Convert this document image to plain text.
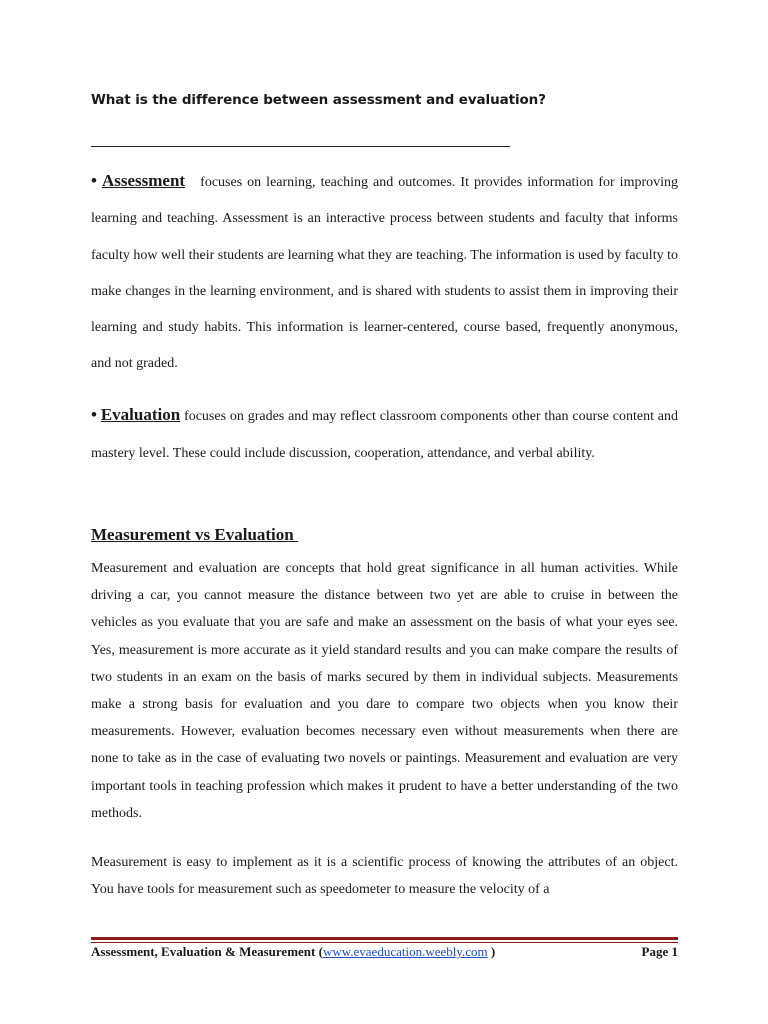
What is the difference between assessment and evaluation?

• Assessment focuses on learning, teaching and outcomes. It provides information for improving learning and teaching. Assessment is an interactive process between students and faculty that informs faculty how well their students are learning what they are teaching. The information is used by faculty to make changes in the learning environment, and is shared with students to assist them in improving their learning and study habits. This information is learner-centered, course based, frequently anonymous, and not graded.

• Evaluation focuses on grades and may reflect classroom components other than course content and mastery level. These could include discussion, cooperation, attendance, and verbal ability.

Measurement vs Evaluation

Measurement and evaluation are concepts that hold great significance in all human activities. While driving a car, you cannot measure the distance between two yet are able to cruise in between the vehicles as you evaluate that you are safe and make an assessment on the basis of what your eyes see. Yes, measurement is more accurate as it yield standard results and you can make compare the results of two students in an exam on the basis of marks secured by them in individual subjects. Measurements make a strong basis for evaluation and you dare to compare two objects when you know their measurements. However, evaluation becomes necessary even without measurements when there are none to take as in the case of evaluating two novels or paintings. Measurement and evaluation are very important tools in teaching profession which makes it prudent to have a better understanding of the two methods.

Measurement is easy to implement as it is a scientific process of knowing the attributes of an object. You have tools for measurement such as speedometer to measure the velocity of a

Assessment, Evaluation & Measurement (www.evaeducation.weebly.com )	Page 1
